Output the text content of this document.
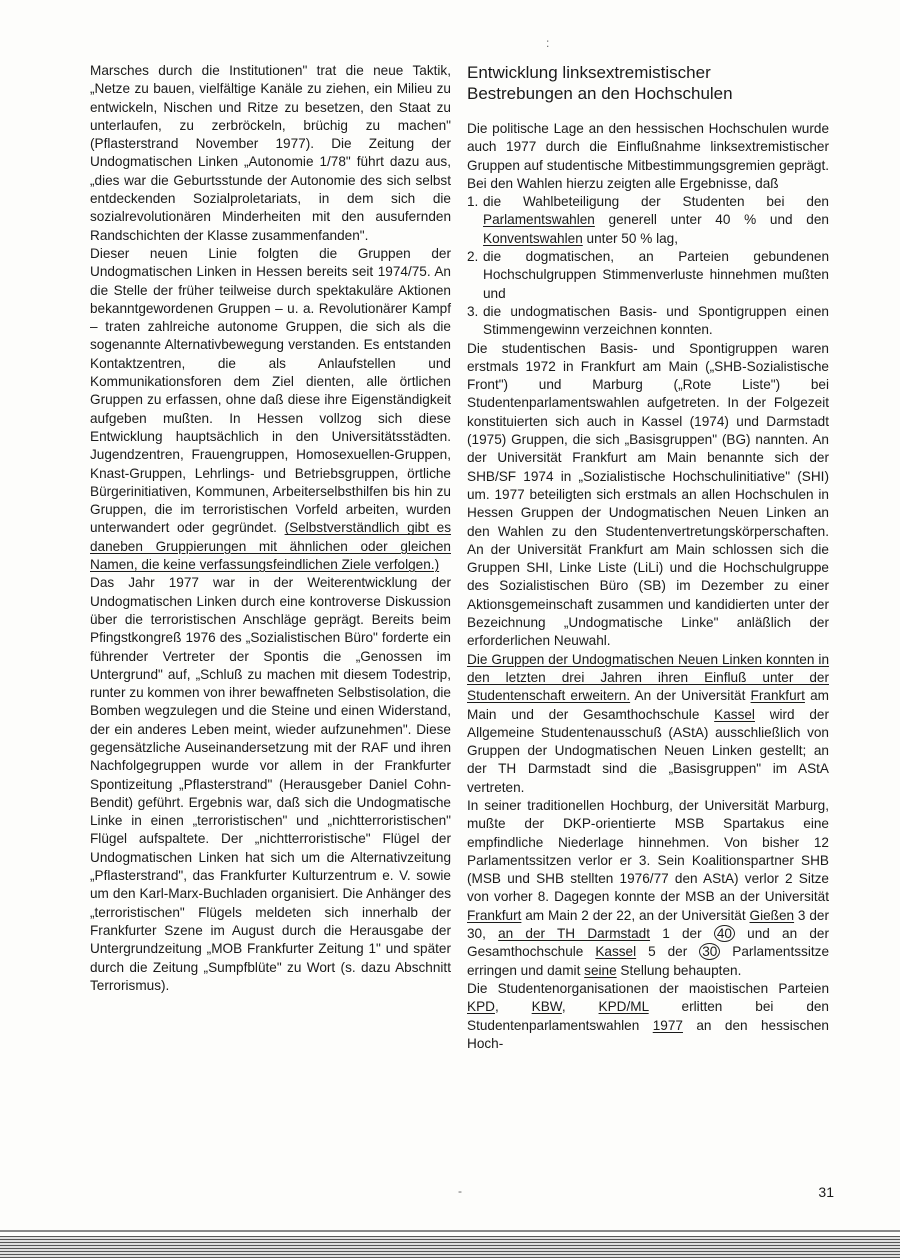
:

Marsches durch die Institutionen" trat die neue Taktik, „Netze zu bauen, vielfältige Kanäle zu ziehen, ein Milieu zu entwickeln, Nischen und Ritze zu besetzen, den Staat zu unterlaufen, zu zerbröckeln, brüchig zu machen" (Pflasterstrand November 1977). Die Zeitung der Undogmatischen Linken „Autonomie 1/78" führt dazu aus, „dies war die Geburtsstunde der Autonomie des sich selbst entdeckenden Sozialproletariats, in dem sich die sozialrevolutionären Minderheiten mit den ausufernden Randschichten der Klasse zusammenfanden".

Dieser neuen Linie folgten die Gruppen der Undogmatischen Linken in Hessen bereits seit 1974/75. An die Stelle der früher teilweise durch spektakuläre Aktionen bekanntgewordenen Gruppen – u. a. Revolutionärer Kampf – traten zahlreiche autonome Gruppen, die sich als die sogenannte Alternativbewegung verstanden. Es entstanden Kontaktzentren, die als Anlaufstellen und Kommunikationsforen dem Ziel dienten, alle örtlichen Gruppen zu erfassen, ohne daß diese ihre Eigenständigkeit aufgeben mußten. In Hessen vollzog sich diese Entwicklung hauptsächlich in den Universitätsstädten. Jugendzentren, Frauengruppen, Homosexuellen-Gruppen, Knast-Gruppen, Lehrlings- und Betriebsgruppen, örtliche Bürgerinitiativen, Kommunen, Arbeiterselbsthilfen bis hin zu Gruppen, die im terroristischen Vorfeld arbeiten, wurden unterwandert oder gegründet. (Selbstverständlich gibt es daneben Gruppierungen mit ähnlichen oder gleichen Namen, die keine verfassungsfeindlichen Ziele verfolgen.)

Das Jahr 1977 war in der Weiterentwicklung der Undogmatischen Linken durch eine kontroverse Diskussion über die terroristischen Anschläge geprägt. Bereits beim Pfingstkongreß 1976 des „Sozialistischen Büro" forderte ein führender Vertreter der Spontis die „Genossen im Untergrund" auf, „Schluß zu machen mit diesem Todestrip, runter zu kommen von ihrer bewaffneten Selbstisolation, die Bomben wegzulegen und die Steine und einen Widerstand, der ein anderes Leben meint, wieder aufzunehmen". Diese gegensätzliche Auseinandersetzung mit der RAF und ihren Nachfolgegruppen wurde vor allem in der Frankfurter Spontizeitung „Pflasterstrand" (Herausgeber Daniel Cohn-Bendit) geführt. Ergebnis war, daß sich die Undogmatische Linke in einen „terroristischen" und „nichtterroristischen" Flügel aufspaltete. Der „nichtterroristische" Flügel der Undogmatischen Linken hat sich um die Alternativzeitung „Pflasterstrand", das Frankfurter Kulturzentrum e. V. sowie um den Karl-Marx-Buchladen organisiert. Die Anhänger des „terroristischen" Flügels meldeten sich innerhalb der Frankfurter Szene im August durch die Herausgabe der Untergrundzeitung „MOB Frankfurter Zeitung 1" und später durch die Zeitung „Sumpfblüte" zu Wort (s. dazu Abschnitt Terrorismus).

Entwicklung linksextremistischer
Bestrebungen an den Hochschulen

Die politische Lage an den hessischen Hochschulen wurde auch 1977 durch die Einflußnahme linksextremistischer Gruppen auf studentische Mitbestimmungsgremien geprägt. Bei den Wahlen hierzu zeigten alle Ergebnisse, daß

1. die Wahlbeteiligung der Studenten bei den Parlamentswahlen generell unter 40 % und den Konventswahlen unter 50 % lag,
2. die dogmatischen, an Parteien gebundenen Hochschulgruppen Stimmenverluste hinnehmen mußten und
3. die undogmatischen Basis- und Spontigruppen einen Stimmengewinn verzeichnen konnten.

Die studentischen Basis- und Spontigruppen waren erstmals 1972 in Frankfurt am Main („SHB-Sozialistische Front") und Marburg („Rote Liste") bei Studentenparlamentswahlen aufgetreten. In der Folgezeit konstituierten sich auch in Kassel (1974) und Darmstadt (1975) Gruppen, die sich „Basisgruppen" (BG) nannten. An der Universität Frankfurt am Main benannte sich der SHB/SF 1974 in „Sozialistische Hochschulinitiative" (SHI) um. 1977 beteiligten sich erstmals an allen Hochschulen in Hessen Gruppen der Undogmatischen Neuen Linken an den Wahlen zu den Studentenvertretungskörperschaften. An der Universität Frankfurt am Main schlossen sich die Gruppen SHI, Linke Liste (LiLi) und die Hochschulgruppe des Sozialistischen Büro (SB) im Dezember zu einer Aktionsgemeinschaft zusammen und kandidierten unter der Bezeichnung „Undogmatische Linke" anläßlich der erforderlichen Neuwahl.

Die Gruppen der Undogmatischen Neuen Linken konnten in den letzten drei Jahren ihren Einfluß unter der Studentenschaft erweitern. An der Universität Frankfurt am Main und der Gesamthochschule Kassel wird der Allgemeine Studentenausschuß (AStA) ausschließlich von Gruppen der Undogmatischen Neuen Linken gestellt; an der TH Darmstadt sind die „Basisgruppen" im AStA vertreten.

In seiner traditionellen Hochburg, der Universität Marburg, mußte der DKP-orientierte MSB Spartakus eine empfindliche Niederlage hinnehmen. Von bisher 12 Parlamentssitzen verlor er 3. Sein Koalitionspartner SHB (MSB und SHB stellten 1976/77 den AStA) verlor 2 Sitze von vorher 8. Dagegen konnte der MSB an der Universität Frankfurt am Main 2 der 22, an der Universität Gießen 3 der 30, an der TH Darmstadt 1 der 40 und an der Gesamthochschule Kassel 5 der 30 Parlamentssitze erringen und damit seine Stellung behaupten.

Die Studentenorganisationen der maoistischen Parteien KPD, KBW, KPD/ML erlitten bei den Studentenparlamentswahlen 1977 an den hessischen Hoch-

-	31
